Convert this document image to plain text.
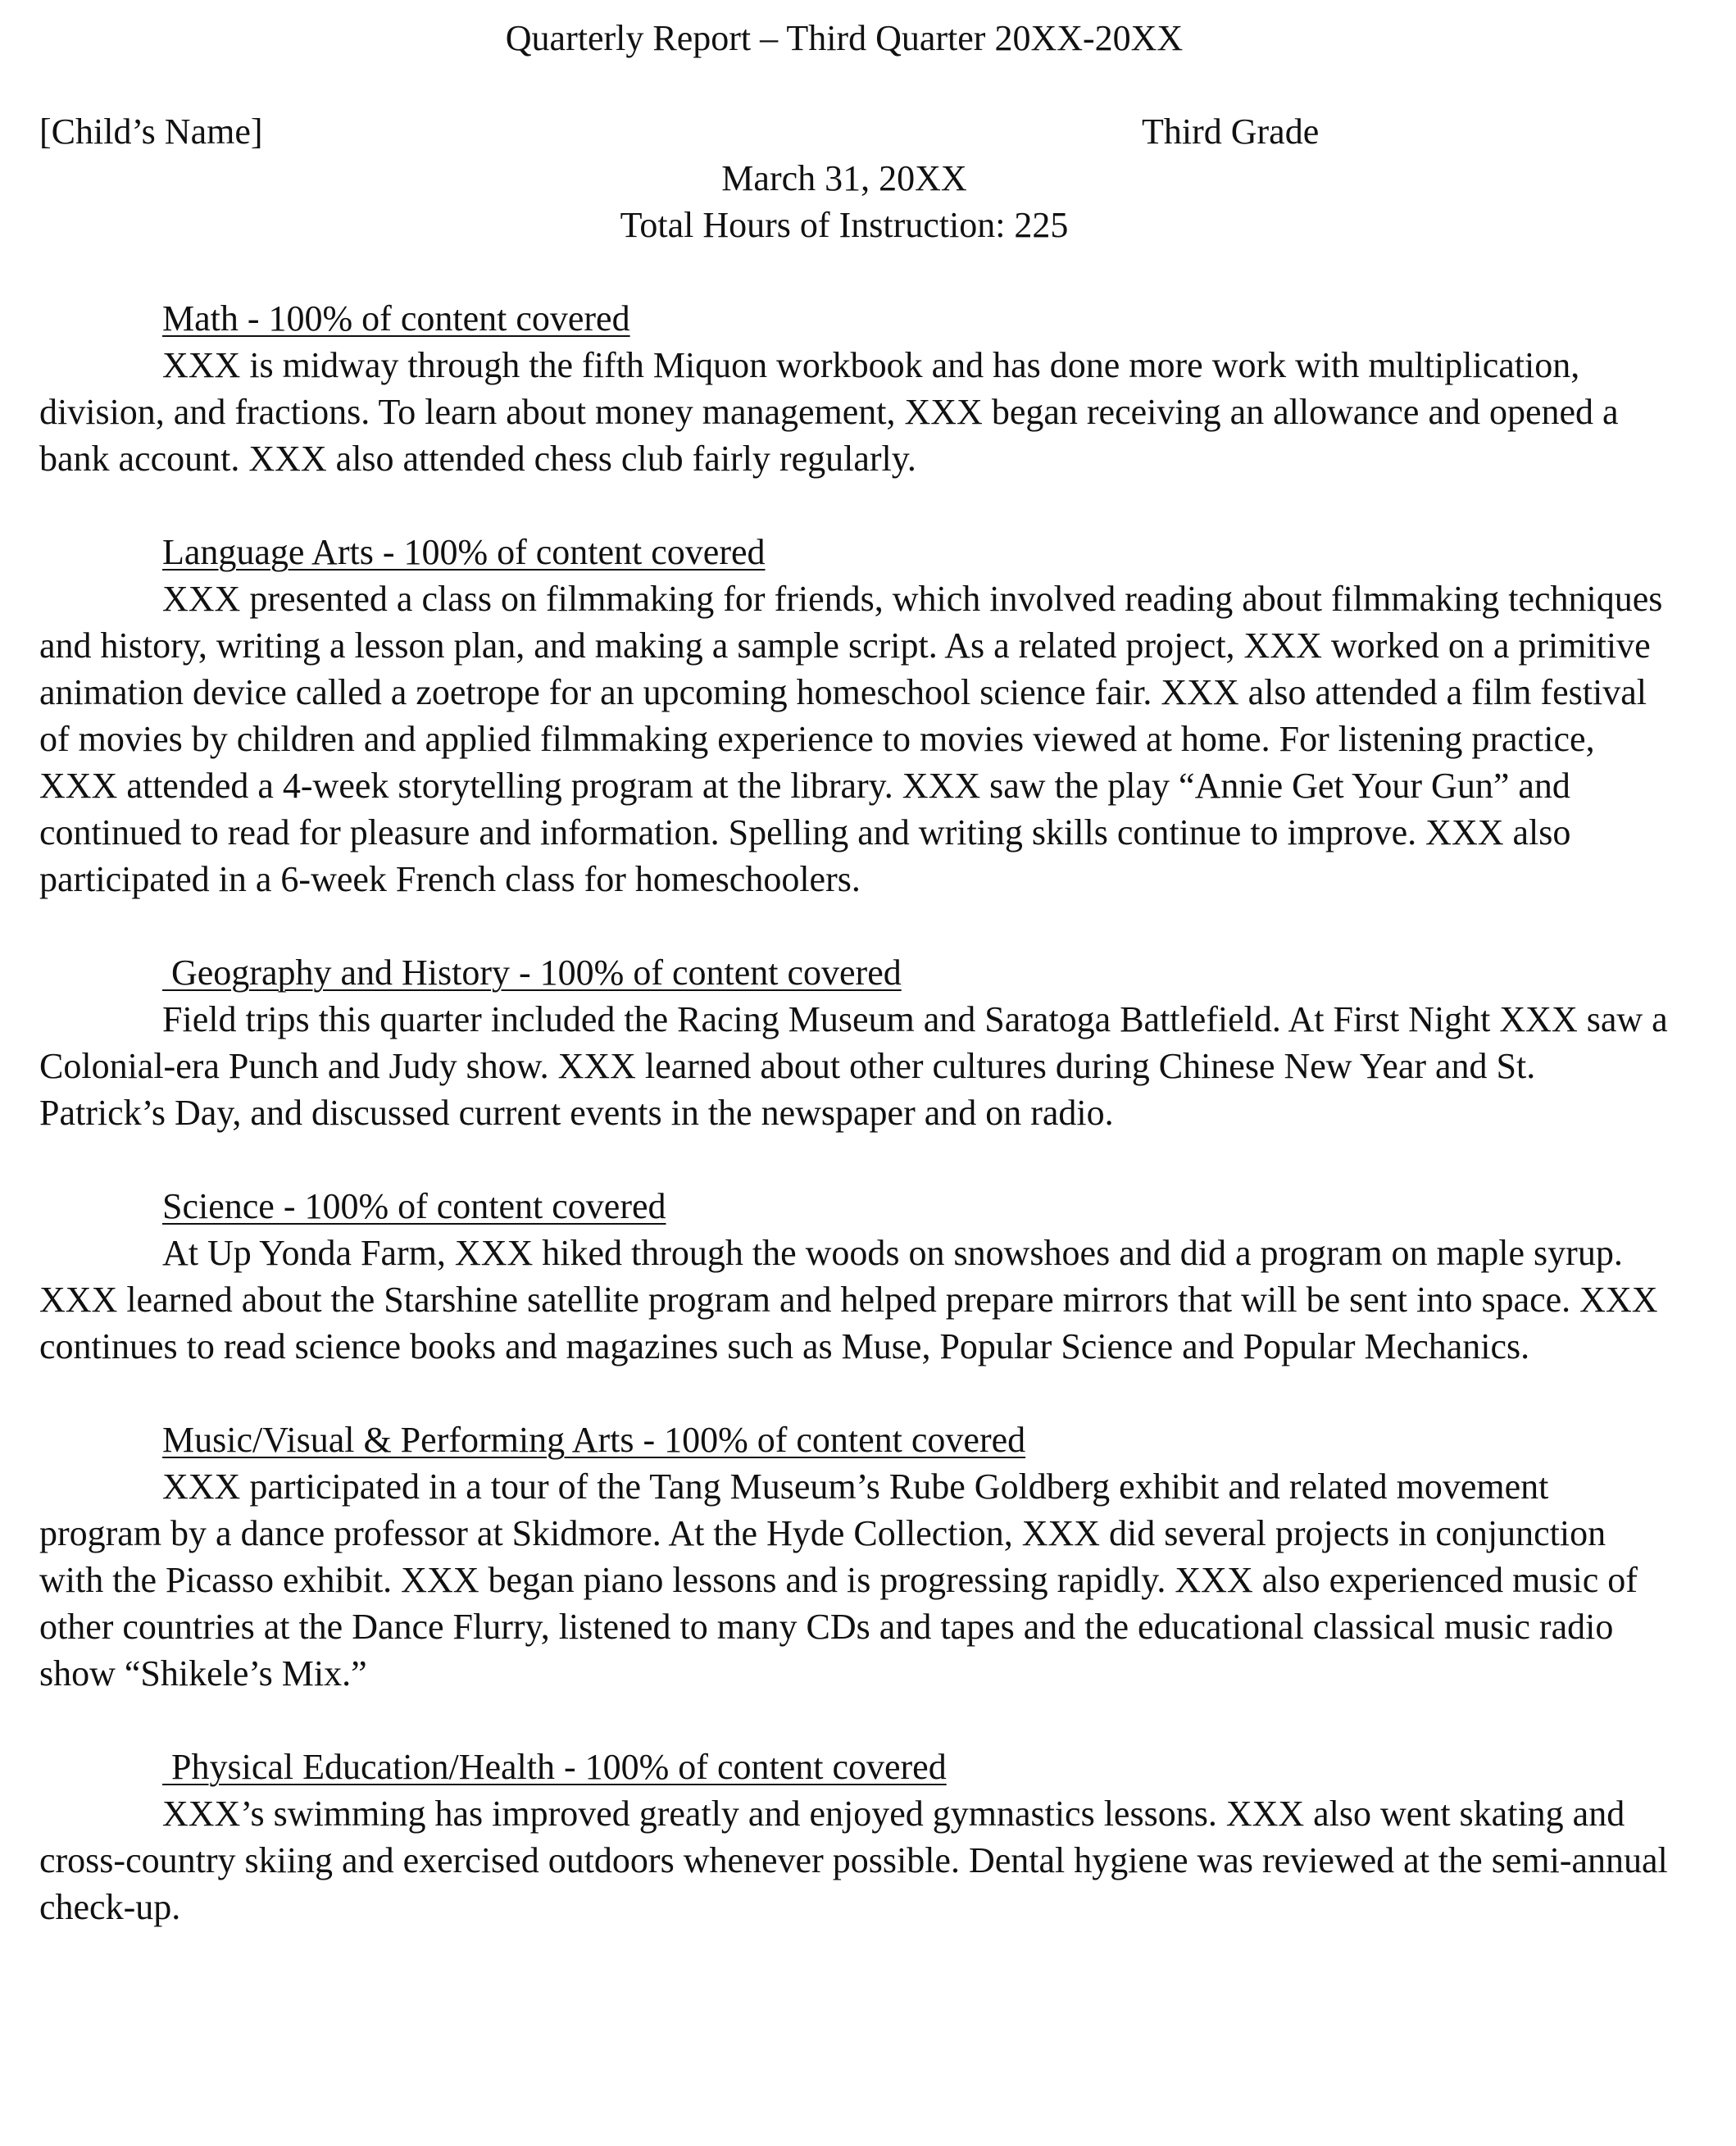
Quarterly Report – Third Quarter 20XX-20XX
[Child’s Name]	Third Grade
March 31, 20XX
Total Hours of Instruction: 225
Math - 100% of content covered

XXX is midway through the fifth Miquon workbook and has done more work with multiplication, division, and fractions. To learn about money management, XXX began receiving an allowance and opened a bank account. XXX also attended chess club fairly regularly.

Language Arts - 100% of content covered

XXX presented a class on filmmaking for friends, which involved reading about filmmaking techniques and history, writing a lesson plan, and making a sample script. As a related project, XXX worked on a primitive animation device called a zoetrope for an upcoming homeschool science fair. XXX also attended a film festival of movies by children and applied filmmaking experience to movies viewed at home. For listening practice, XXX attended a 4-week storytelling program at the library. XXX saw the play “Annie Get Your Gun” and continued to read for pleasure and information. Spelling and writing skills continue to improve. XXX also participated in a 6-week French class for homeschoolers.

Geography and History - 100% of content covered

Field trips this quarter included the Racing Museum and Saratoga Battlefield. At First Night XXX saw a Colonial-era Punch and Judy show. XXX learned about other cultures during Chinese New Year and St. Patrick’s Day, and discussed current events in the newspaper and on radio.

Science - 100% of content covered

At Up Yonda Farm, XXX hiked through the woods on snowshoes and did a program on maple syrup. XXX learned about the Starshine satellite program and helped prepare mirrors that will be sent into space. XXX continues to read science books and magazines such as Muse, Popular Science and Popular Mechanics.

Music/Visual & Performing Arts - 100% of content covered

XXX participated in a tour of the Tang Museum’s Rube Goldberg exhibit and related movement program by a dance professor at Skidmore. At the Hyde Collection, XXX did several projects in conjunction with the Picasso exhibit. XXX began piano lessons and is progressing rapidly. XXX also experienced music of other countries at the Dance Flurry, listened to many CDs and tapes and the educational classical music radio show “Shikele’s Mix.”

Physical Education/Health - 100% of content covered

XXX’s swimming has improved greatly and enjoyed gymnastics lessons. XXX also went skating and cross-country skiing and exercised outdoors whenever possible. Dental hygiene was reviewed at the semi-annual check-up.
